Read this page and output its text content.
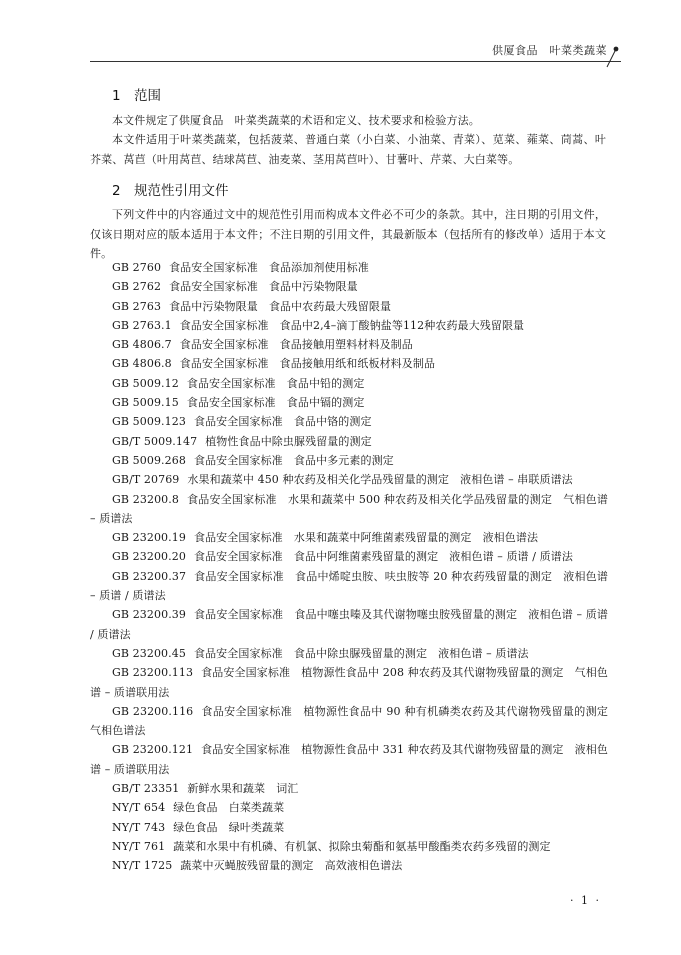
供厦食品　叶菜类蔬菜
1 范围
本文件规定了供厦食品　叶菜类蔬菜的术语和定义、技术要求和检验方法。
本文件适用于叶菜类蔬菜，包括菠菜、普通白菜（小白菜、小油菜、青菜）、苋菜、蕹菜、茼蒿、叶芥菜、莴苣（叶用莴苣、结球莴苣、油麦菜、茎用莴苣叶）、甘薯叶、芹菜、大白菜等。
2 规范性引用文件
下列文件中的内容通过文中的规范性引用而构成本文件必不可少的条款。其中，注日期的引用文件，仅该日期对应的版本适用于本文件；不注日期的引用文件，其最新版本（包括所有的修改单）适用于本文件。
GB 2760 食品安全国家标准　食品添加剂使用标准
GB 2762 食品安全国家标准　食品中污染物限量
GB 2763 食品中污染物限量　食品中农药最大残留限量
GB 2763.1 食品安全国家标准　食品中2,4–滴丁酸钠盐等112种农药最大残留限量
GB 4806.7 食品安全国家标准　食品接触用塑料材料及制品
GB 4806.8 食品安全国家标准　食品接触用纸和纸板材料及制品
GB 5009.12 食品安全国家标准　食品中铅的测定
GB 5009.15 食品安全国家标准　食品中镉的测定
GB 5009.123 食品安全国家标准　食品中铬的测定
GB/T 5009.147 植物性食品中除虫脲残留量的测定
GB 5009.268 食品安全国家标准　食品中多元素的测定
GB/T 20769 水果和蔬菜中 450 种农药及相关化学品残留量的测定　液相色谱 – 串联质谱法
GB 23200.8 食品安全国家标准　水果和蔬菜中 500 种农药及相关化学品残留量的测定　气相色谱 – 质谱法
GB 23200.19 食品安全国家标准　水果和蔬菜中阿维菌素残留量的测定　液相色谱法
GB 23200.20 食品安全国家标准　食品中阿维菌素残留量的测定　液相色谱 – 质谱 / 质谱法
GB 23200.37 食品安全国家标准　食品中烯啶虫胺、呋虫胺等 20 种农药残留量的测定　液相色谱 – 质谱 / 质谱法
GB 23200.39 食品安全国家标准　食品中噻虫嗪及其代谢物噻虫胺残留量的测定　液相色谱 – 质谱 / 质谱法
GB 23200.45 食品安全国家标准　食品中除虫脲残留量的测定　液相色谱 – 质谱法
GB 23200.113 食品安全国家标准　植物源性食品中 208 种农药及其代谢物残留量的测定　气相色谱 – 质谱联用法
GB 23200.116 食品安全国家标准　植物源性食品中 90 种有机磷类农药及其代谢物残留量的测定气相色谱法
GB 23200.121 食品安全国家标准　植物源性食品中 331 种农药及其代谢物残留量的测定　液相色谱 – 质谱联用法
GB/T 23351 新鲜水果和蔬菜　词汇
NY/T 654 绿色食品　白菜类蔬菜
NY/T 743 绿色食品　绿叶类蔬菜
NY/T 761 蔬菜和水果中有机磷、有机氯、拟除虫菊酯和氨基甲酸酯类农药多残留的测定
NY/T 1725 蔬菜中灭蝇胺残留量的测定　高效液相色谱法
· 1 ·
